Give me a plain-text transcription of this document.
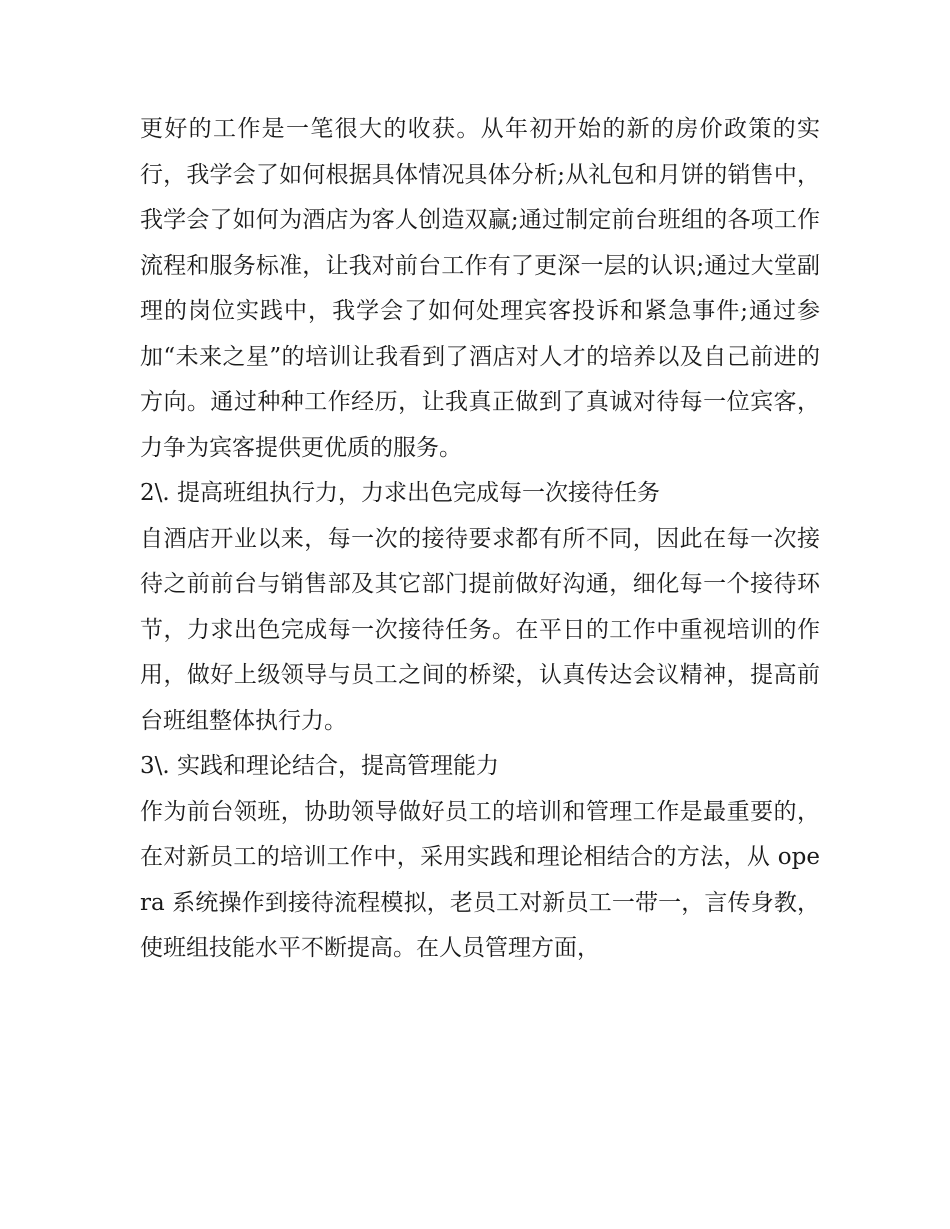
更好的工作是一笔很大的收获。从年初开始的新的房价政策的实行，我学会了如何根据具体情况具体分析;从礼包和月饼的销售中，我学会了如何为酒店为客人创造双赢;通过制定前台班组的各项工作流程和服务标准，让我对前台工作有了更深一层的认识;通过大堂副理的岗位实践中，我学会了如何处理宾客投诉和紧急事件;通过参加“未来之星”的培训让我看到了酒店对人才的培养以及自己前进的方向。通过种种工作经历，让我真正做到了真诚对待每一位宾客，力争为宾客提供更优质的服务。

2\. 提高班组执行力，力求出色完成每一次接待任务

自酒店开业以来，每一次的接待要求都有所不同，因此在每一次接待之前前台与销售部及其它部门提前做好沟通，细化每一个接待环节，力求出色完成每一次接待任务。在平日的工作中重视培训的作用，做好上级领导与员工之间的桥梁，认真传达会议精神，提高前台班组整体执行力。

3\. 实践和理论结合，提高管理能力

作为前台领班，协助领导做好员工的培训和管理工作是最重要的，在对新员工的培训工作中，采用实践和理论相结合的方法，从 opera 系统操作到接待流程模拟，老员工对新员工一带一，言传身教，使班组技能水平不断提高。在人员管理方面，
